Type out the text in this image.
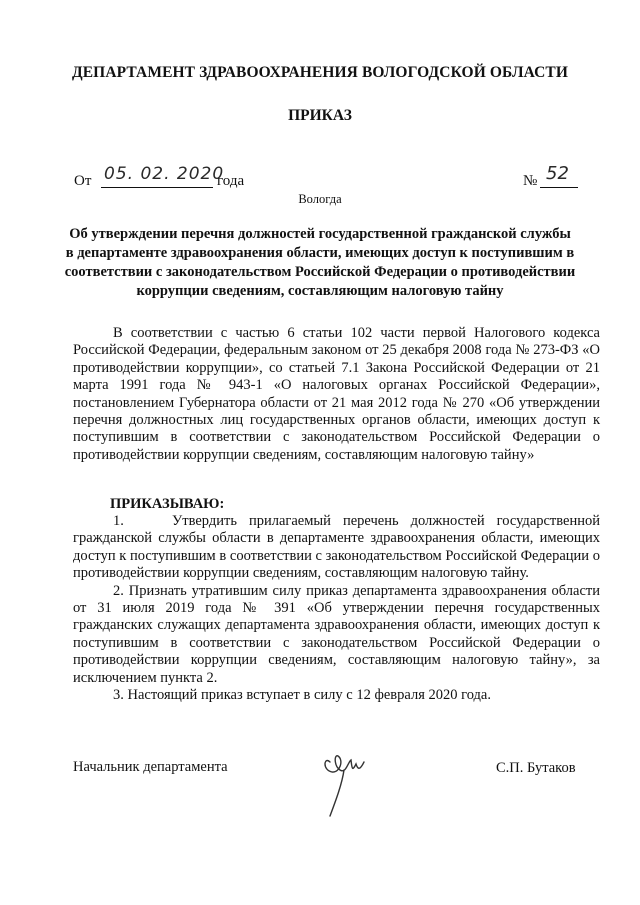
ДЕПАРТАМЕНТ ЗДРАВООХРАНЕНИЯ ВОЛОГОДСКОЙ ОБЛАСТИ
ПРИКАЗ
От 05. 02. 2020
года	№ 52
Вологда
Об утверждении перечня должностей государственной гражданской службы в департаменте здравоохранения области, имеющих доступ к поступившим в соответствии с законодательством Российской Федерации о противодействии коррупции сведениям, составляющим налоговую тайну
В соответствии с частью 6 статьи 102 части первой Налогового кодекса Российской Федерации, федеральным законом от 25 декабря 2008 года № 273-ФЗ «О противодействии коррупции», со статьей 7.1 Закона Российской Федерации от 21 марта 1991 года № 943-1 «О налоговых органах Российской Федерации», постановлением Губернатора области от 21 мая 2012 года № 270 «Об утверждении перечня должностных лиц государственных органов области, имеющих доступ к поступившим в соответствии с законодательством Российской Федерации о противодействии коррупции сведениям, составляющим налоговую тайну»
ПРИКАЗЫВАЮ:

1.    Утвердить прилагаемый перечень должностей государственной гражданской службы области в департаменте здравоохранения области, имеющих доступ к поступившим в соответствии с законодательством Российской Федерации о противодействии коррупции сведениям, составляющим налоговую тайну.

2. Признать утратившим силу приказ департамента здравоохранения области от 31 июля 2019 года № 391 «Об утверждении перечня государственных гражданских служащих департамента здравоохранения области, имеющих доступ к поступившим в соответствии с законодательством Российской Федерации о противодействии коррупции сведениям, составляющим налоговую тайну», за исключением пункта 2.

3. Настоящий приказ вступает в силу с 12 февраля 2020 года.

Начальник департамента	С.П. Бутаков
